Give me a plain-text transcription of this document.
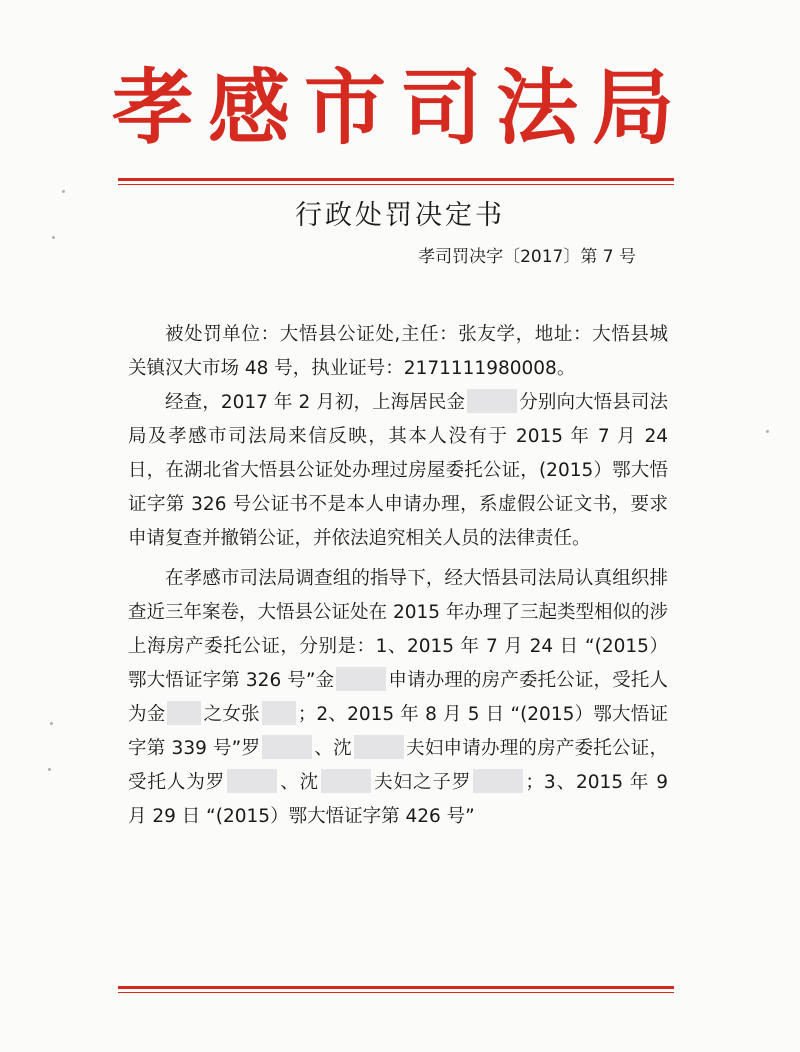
孝感市司法局
行政处罚决定书
孝司罚决字〔2017〕第 7 号

被处罚单位：大悟县公证处,主任：张友学，地址：大悟县城关镇汉大市场 48 号，执业证号：2171111980008。

经查，2017 年 2 月初，上海居民金	分别向大悟县司法局及孝感市司法局来信反映，其本人没有于 2015 年 7 月 24 日，在湖北省大悟县公证处办理过房屋委托公证，(2015）鄂大悟证字第 326 号公证书不是本人申请办理，系虚假公证文书，要求申请复查并撤销公证，并依法追究相关人员的法律责任。

在孝感市司法局调查组的指导下，经大悟县司法局认真组织排查近三年案卷，大悟县公证处在 2015 年办理了三起类型相似的涉上海房产委托公证，分别是：1、2015 年 7 月 24 日 “(2015）鄂大悟证字第 326 号”金	申请办理的房产委托公证，受托人为金 之女张 ；2、2015 年 8 月 5 日 “(2015）鄂大悟证字第 339 号”罗	、沈	夫妇申请办理的房产委托公证，受托人为罗	、沈	夫妇之子罗	；3、2015 年 9 月 29 日 “(2015）鄂大悟证字第 426 号”
